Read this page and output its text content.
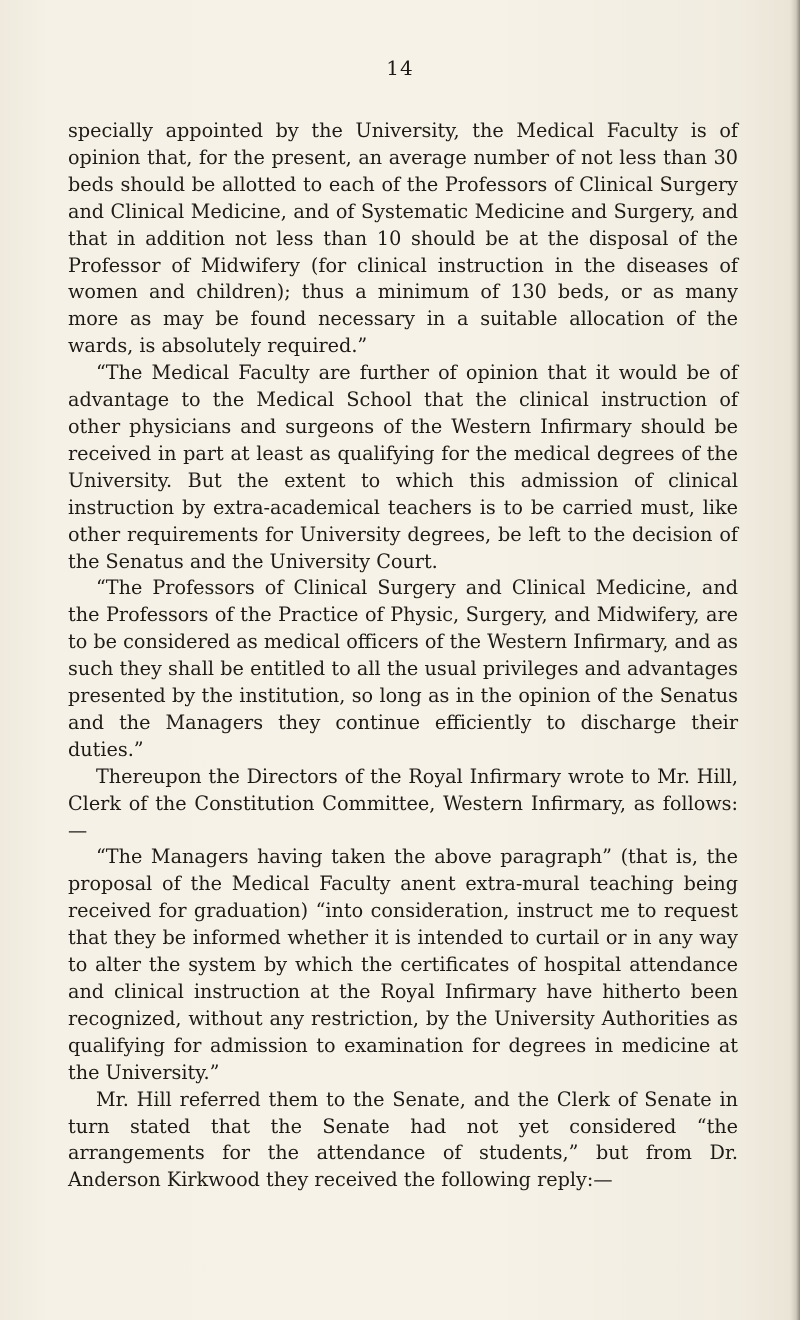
14

specially appointed by the University, the Medical Faculty is of opinion that, for the present, an average number of not less than 30 beds should be allotted to each of the Professors of Clinical Surgery and Clinical Medicine, and of Systematic Medicine and Surgery, and that in addition not less than 10 should be at the disposal of the Professor of Midwifery (for clinical instruction in the diseases of women and children); thus a minimum of 130 beds, or as many more as may be found necessary in a suitable allocation of the wards, is absolutely required.”

“The Medical Faculty are further of opinion that it would be of advantage to the Medical School that the clinical instruction of other physicians and surgeons of the Western Infirmary should be received in part at least as qualifying for the medical degrees of the University. But the extent to which this admission of clinical instruction by extra-academical teachers is to be carried must, like other requirements for University degrees, be left to the decision of the Senatus and the University Court.

“The Professors of Clinical Surgery and Clinical Medicine, and the Professors of the Practice of Physic, Surgery, and Midwifery, are to be considered as medical officers of the Western Infirmary, and as such they shall be entitled to all the usual privileges and advantages presented by the institution, so long as in the opinion of the Senatus and the Managers they continue efficiently to discharge their duties.”

Thereupon the Directors of the Royal Infirmary wrote to Mr. Hill, Clerk of the Constitution Committee, Western Infirmary, as follows:—

“The Managers having taken the above paragraph” (that is, the proposal of the Medical Faculty anent extra-mural teaching being received for graduation) “into consideration, instruct me to request that they be informed whether it is intended to curtail or in any way to alter the system by which the certificates of hospital attendance and clinical instruction at the Royal Infirmary have hitherto been recognized, without any restriction, by the University Authorities as qualifying for admission to examination for degrees in medicine at the University.”

Mr. Hill referred them to the Senate, and the Clerk of Senate in turn stated that the Senate had not yet considered “the arrangements for the attendance of students,” but from Dr. Anderson Kirkwood they received the following reply:—
